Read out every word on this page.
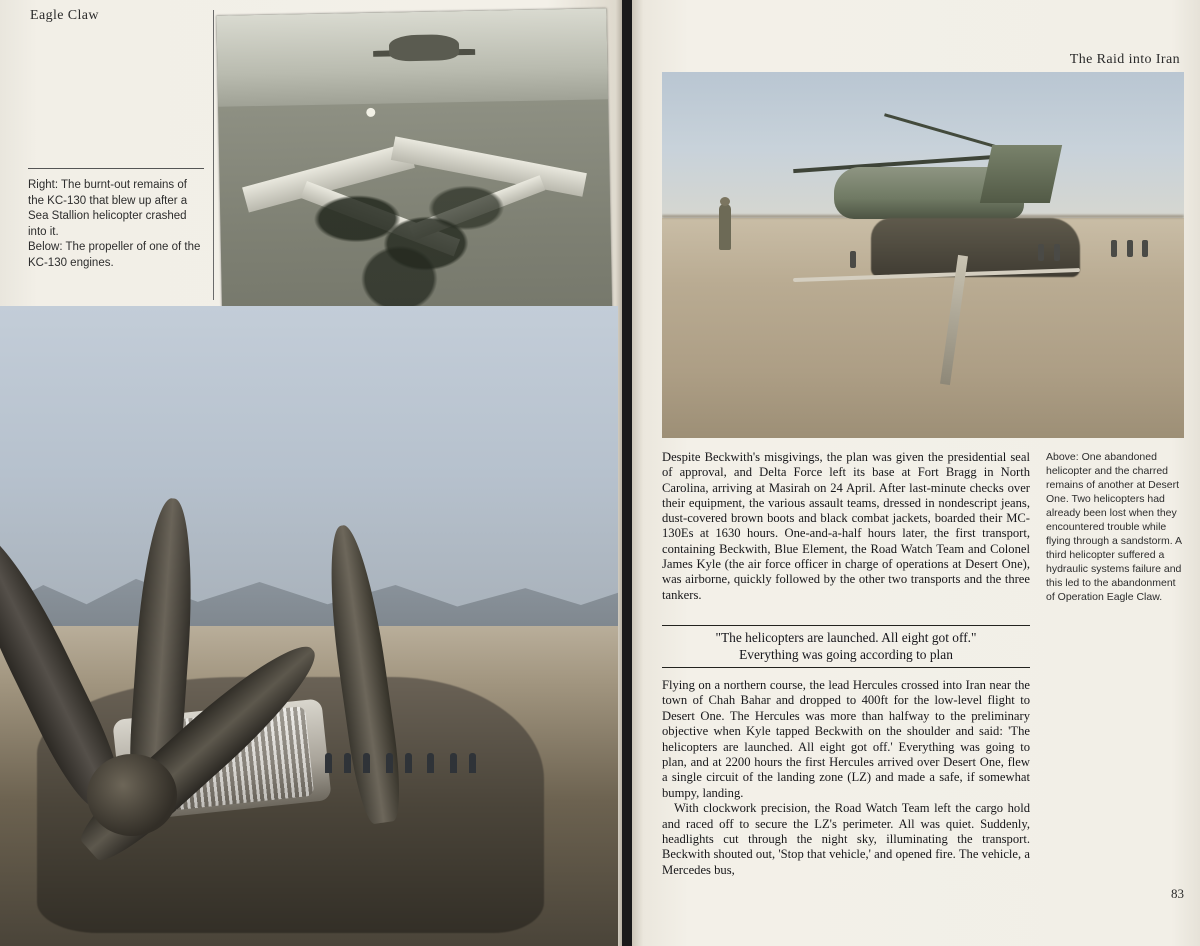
Eagle Claw
Right: The burnt-out remains of the KC-130 that blew up after a Sea Stallion helicopter crashed into it.
Below: The propeller of one of the KC-130 engines.
The Raid into Iran
83

Despite Beckwith's misgivings, the plan was given the presidential seal of approval, and Delta Force left its base at Fort Bragg in North Carolina, arriving at Masirah on 24 April. After last-minute checks over their equipment, the various assault teams, dressed in nondescript jeans, dust-covered brown boots and black combat jackets, boarded their MC-130Es at 1630 hours. One-and-a-half hours later, the first transport, containing Beckwith, Blue Element, the Road Watch Team and Colonel James Kyle (the air force officer in charge of operations at Desert One), was airborne, quickly followed by the other two transports and the three tankers.

"The helicopters are launched. All eight got off."
Everything was going according to plan

Flying on a northern course, the lead Hercules crossed into Iran near the town of Chah Bahar and dropped to 400ft for the low-level flight to Desert One. The Hercules was more than halfway to the preliminary objective when Kyle tapped Beckwith on the shoulder and said: 'The helicopters are launched. All eight got off.' Everything was going to plan, and at 2200 hours the first Hercules arrived over Desert One, flew a single circuit of the landing zone (LZ) and made a safe, if somewhat bumpy, landing.

With clockwork precision, the Road Watch Team left the cargo hold and raced off to secure the LZ's perimeter. All was quiet. Suddenly, headlights cut through the night sky, illuminating the transport. Beckwith shouted out, 'Stop that vehicle,' and opened fire. The vehicle, a Mercedes bus,

Above: One abandoned helicopter and the charred remains of another at Desert One. Two helicopters had already been lost when they encountered trouble while flying through a sandstorm. A third helicopter suffered a hydraulic systems failure and this led to the abandonment of Operation Eagle Claw.
